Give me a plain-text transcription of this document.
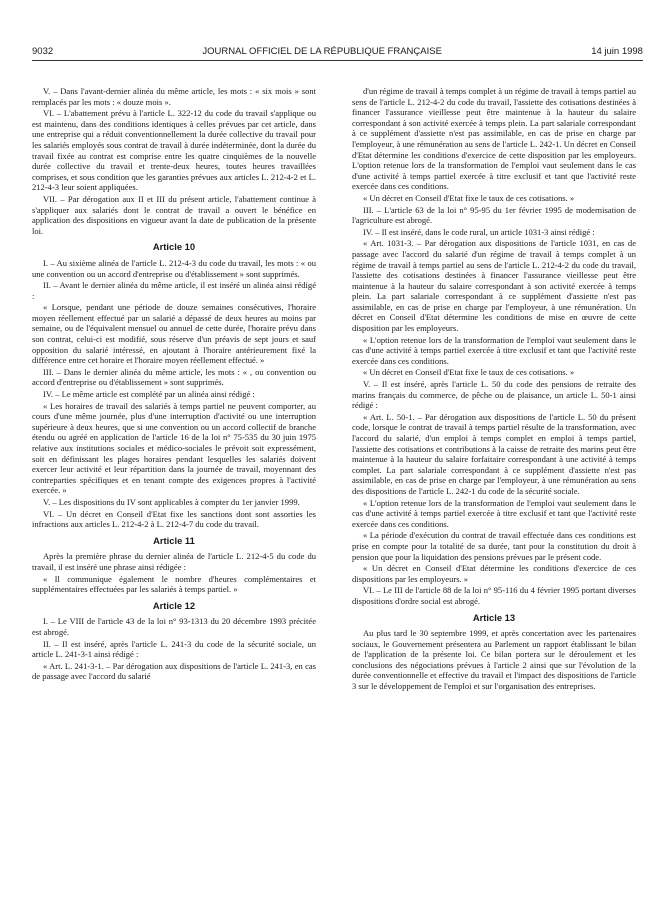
9032	JOURNAL OFFICIEL DE LA RÉPUBLIQUE FRANÇAISE	14 juin 1998

V. – Dans l'avant-dernier alinéa du même article, les mots : « six mois » sont remplacés par les mots : « douze mois ».

VI. – L'abattement prévu à l'article L. 322-12 du code du travail s'applique ou est maintenu, dans des conditions identiques à celles prévues par cet article, dans une entreprise qui a réduit conventionnellement la durée collective du travail pour les salariés employés sous contrat de travail à durée indéterminée, dont la durée du travail fixée au contrat est comprise entre les quatre cinquièmes de la nouvelle durée collective du travail et trente-deux heures, toutes heures travaillées comprises, et sous condition que les garanties prévues aux articles L. 212-4-2 et L. 212-4-3 leur soient appliquées.

VII. – Par dérogation aux II et III du présent article, l'abattement continue à s'appliquer aux salariés dont le contrat de travail a ouvert le bénéfice en application des dispositions en vigueur avant la date de publication de la présente loi.

Article 10

I. – Au sixième alinéa de l'article L. 212-4-3 du code du travail, les mots : « ou une convention ou un accord d'entreprise ou d'établissement » sont supprimés.

II. – Avant le dernier alinéa du même article, il est inséré un alinéa ainsi rédigé :

« Lorsque, pendant une période de douze semaines consécutives, l'horaire moyen réellement effectué par un salarié a dépassé de deux heures au moins par semaine, ou de l'équivalent mensuel ou annuel de cette durée, l'horaire prévu dans son contrat, celui-ci est modifié, sous réserve d'un préavis de sept jours et sauf opposition du salarié intéressé, en ajoutant à l'horaire antérieurement fixé la différence entre cet horaire et l'horaire moyen réellement effectué. »

III. – Dans le dernier alinéa du même article, les mots : « , ou convention ou accord d'entreprise ou d'établissement » sont supprimés.

IV. – Le même article est complété par un alinéa ainsi rédigé :

« Les horaires de travail des salariés à temps partiel ne peuvent comporter, au cours d'une même journée, plus d'une interruption d'activité ou une interruption supérieure à deux heures, que si une convention ou un accord collectif de branche étendu ou agréé en application de l'article 16 de la loi n° 75-535 du 30 juin 1975 relative aux institutions sociales et médico-sociales le prévoit soit expressément, soit en définissant les plages horaires pendant lesquelles les salariés doivent exercer leur activité et leur répartition dans la journée de travail, moyennant des contreparties spécifiques et en tenant compte des exigences propres à l'activité exercée. »

V. – Les dispositions du IV sont applicables à compter du 1er janvier 1999.

VI. – Un décret en Conseil d'Etat fixe les sanctions dont sont assorties les infractions aux articles L. 212-4-2 à L. 212-4-7 du code du travail.

Article 11

Après la première phrase du dernier alinéa de l'article L. 212-4-5 du code du travail, il est inséré une phrase ainsi rédigée :

« Il communique également le nombre d'heures complémentaires et supplémentaires effectuées par les salariés à temps partiel. »

Article 12

I. – Le VIII de l'article 43 de la loi n° 93-1313 du 20 décembre 1993 précitée est abrogé.

II. – Il est inséré, après l'article L. 241-3 du code de la sécurité sociale, un article L. 241-3-1 ainsi rédigé :

« Art. L. 241-3-1. – Par dérogation aux dispositions de l'article L. 241-3, en cas de passage avec l'accord du salarié

d'un régime de travail à temps complet à un régime de travail à temps partiel au sens de l'article L. 212-4-2 du code du travail, l'assiette des cotisations destinées à financer l'assurance vieillesse peut être maintenue à la hauteur du salaire correspondant à son activité exercée à temps plein. La part salariale correspondant à ce supplément d'assiette n'est pas assimilable, en cas de prise en charge par l'employeur, à une rémunération au sens de l'article L. 242-1. Un décret en Conseil d'Etat détermine les conditions d'exercice de cette disposition par les employeurs. L'option retenue lors de la transformation de l'emploi vaut seulement dans le cas d'une activité à temps partiel exercée à titre exclusif et tant que l'activité reste exercée dans ces conditions.

« Un décret en Conseil d'Etat fixe le taux de ces cotisations. »

III. – L'article 63 de la loi n° 95-95 du 1er février 1995 de modernisation de l'agriculture est abrogé.

IV. – Il est inséré, dans le code rural, un article 1031-3 ainsi rédigé :

« Art. 1031-3. – Par dérogation aux dispositions de l'article 1031, en cas de passage avec l'accord du salarié d'un régime de travail à temps complet à un régime de travail à temps partiel au sens de l'article L. 212-4-2 du code du travail, l'assiette des cotisations destinées à financer l'assurance vieillesse peut être maintenue à la hauteur du salaire correspondant à son activité exercée à temps plein. La part salariale correspondant à ce supplément d'assiette n'est pas assimilable, en cas de prise en charge par l'employeur, à une rémunération. Un décret en Conseil d'Etat détermine les conditions de mise en œuvre de cette disposition par les employeurs.

« L'option retenue lors de la transformation de l'emploi vaut seulement dans le cas d'une activité à temps partiel exercée à titre exclusif et tant que l'activité reste exercée dans ces conditions.

« Un décret en Conseil d'Etat fixe le taux de ces cotisations. »

V. – Il est inséré, après l'article L. 50 du code des pensions de retraite des marins français du commerce, de pêche ou de plaisance, un article L. 50-1 ainsi rédigé :

« Art. L. 50-1. – Par dérogation aux dispositions de l'article L. 50 du présent code, lorsque le contrat de travail à temps partiel résulte de la transformation, avec l'accord du salarié, d'un emploi à temps complet en emploi à temps partiel, l'assiette des cotisations et contributions à la caisse de retraite des marins peut être maintenue à la hauteur du salaire forfaitaire correspondant à une activité à temps complet. La part salariale correspondant à ce supplément d'assiette n'est pas assimilable, en cas de prise en charge par l'employeur, à une rémunération au sens des dispositions de l'article L. 242-1 du code de la sécurité sociale.

« L'option retenue lors de la transformation de l'emploi vaut seulement dans le cas d'une activité à temps partiel exercée à titre exclusif et tant que l'activité reste exercée dans ces conditions.

« La période d'exécution du contrat de travail effectuée dans ces conditions est prise en compte pour la totalité de sa durée, tant pour la constitution du droit à pension que pour la liquidation des pensions prévues par le présent code.

« Un décret en Conseil d'Etat détermine les conditions d'exercice de ces dispositions par les employeurs. »

VI. – Le III de l'article 88 de la loi n° 95-116 du 4 février 1995 portant diverses dispositions d'ordre social est abrogé.

Article 13

Au plus tard le 30 septembre 1999, et après concertation avec les partenaires sociaux, le Gouvernement présentera au Parlement un rapport établissant le bilan de l'application de la présente loi. Ce bilan portera sur le déroulement et les conclusions des négociations prévues à l'article 2 ainsi que sur l'évolution de la durée conventionnelle et effective du travail et l'impact des dispositions de l'article 3 sur le développement de l'emploi et sur l'organisation des entreprises.
